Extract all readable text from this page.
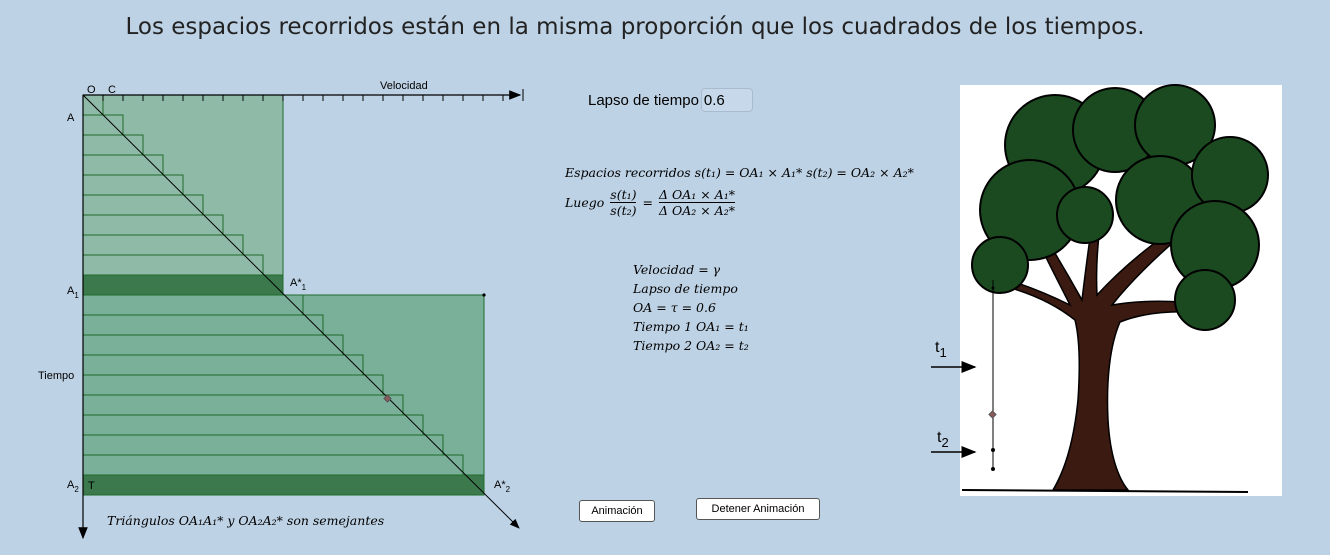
Los espacios recorridos están en la misma proporción que los cuadrados de los tiempos.
O C	Velocidad
A
$A_1$
$A*_1$
Tiempo
$A_2$ T	$A*_2$
Triángulos OA₁A₁* y OA₂A₂* son semejantes
$t_1$
$t_2$
Lapso de tiempo
0.6
Espacios recorridos s(t₁) = OA₁ × A₁* s(t₂) = OA₂ × A₂*
Luego $\frac{\text{s(t₁)}}{\text{s(t₂)}} = \frac{\text{Δ OA₁ × A₁*}}{\text{Δ OA₂ × A₂*}}$
Velocidad = γ
Lapso de tiempo
OA = τ = 0.6
Tiempo 1 OA₁ = t₁
Tiempo 2 OA₂ = t₂
Animación	Detener Animación
